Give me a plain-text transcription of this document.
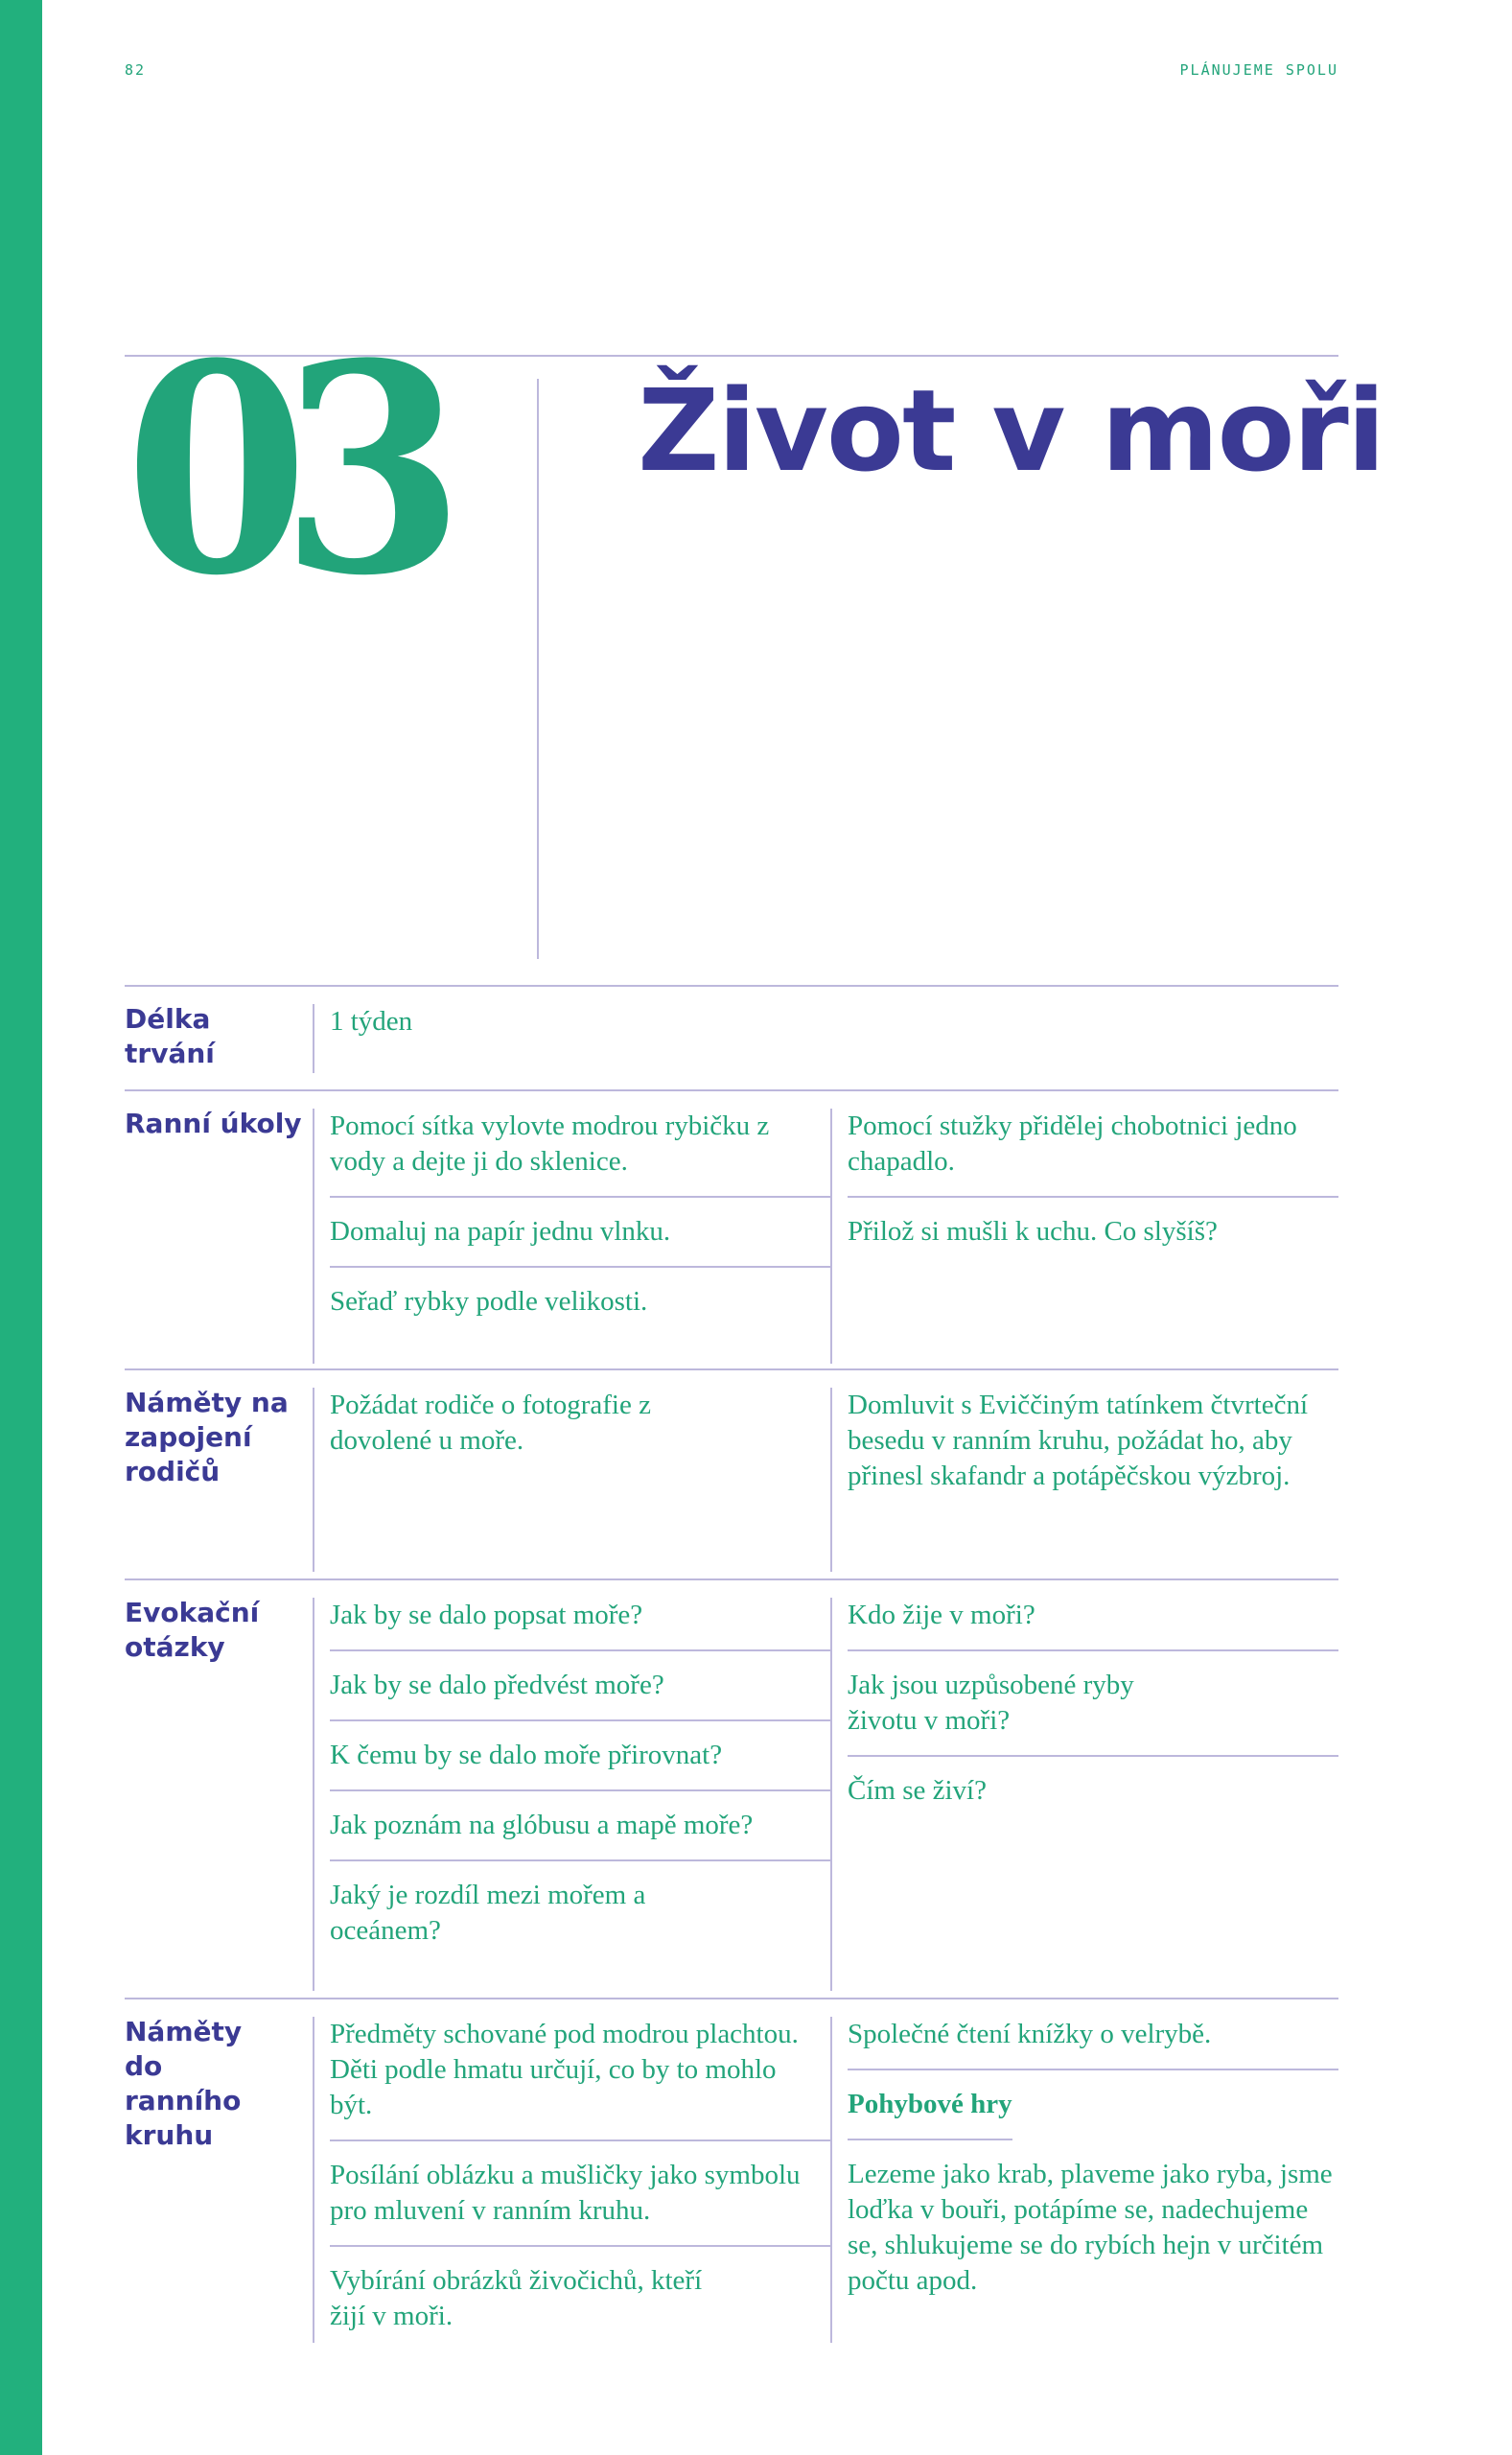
82	PLÁNUJEME SPOLU
03 Život v moři
Délka trvání
1 týden
Ranní úkoly Pomocí sítka vylovte modrou rybičku z vody a dejte ji do sklenice.
Domaluj na papír jednu vlnku.
Seřaď rybky podle velikosti.
Pomocí stužky přidělej chobotnici jedno chapadlo.
Přilož si mušli k uchu. Co slyšíš?
Náměty na zapojení rodičů
Požádat rodiče o fotografie z dovolené u moře.
Domluvit s Eviččiným tatínkem čtvrteční besedu v ranním kruhu, požádat ho, aby přinesl skafandr a potápěčskou výzbroj.
Evokační otázky
Jak by se dalo popsat moře?
Jak by se dalo předvést moře?
K čemu by se dalo moře přirovnat?
Jak poznám na glóbusu a mapě moře?
Jaký je rozdíl mezi mořem a oceánem?
Kdo žije v moři?
Jak jsou uzpůsobené ryby životu v moři?
Čím se živí?
Náměty do ranního kruhu
Předměty schované pod modrou plachtou. Děti podle hmatu určují, co by to mohlo být.
Posílání oblázku a mušličky jako symbolu pro mluvení v ranním kruhu.
Vybírání obrázků živočichů, kteří žijí v moři.
Společné čtení knížky o velrybě.
Pohybové hry
Lezeme jako krab, plaveme jako ryba, jsme loďka v bouři, potápíme se, nadechujeme se, shlukujeme se do rybích hejn v určitém počtu apod.
